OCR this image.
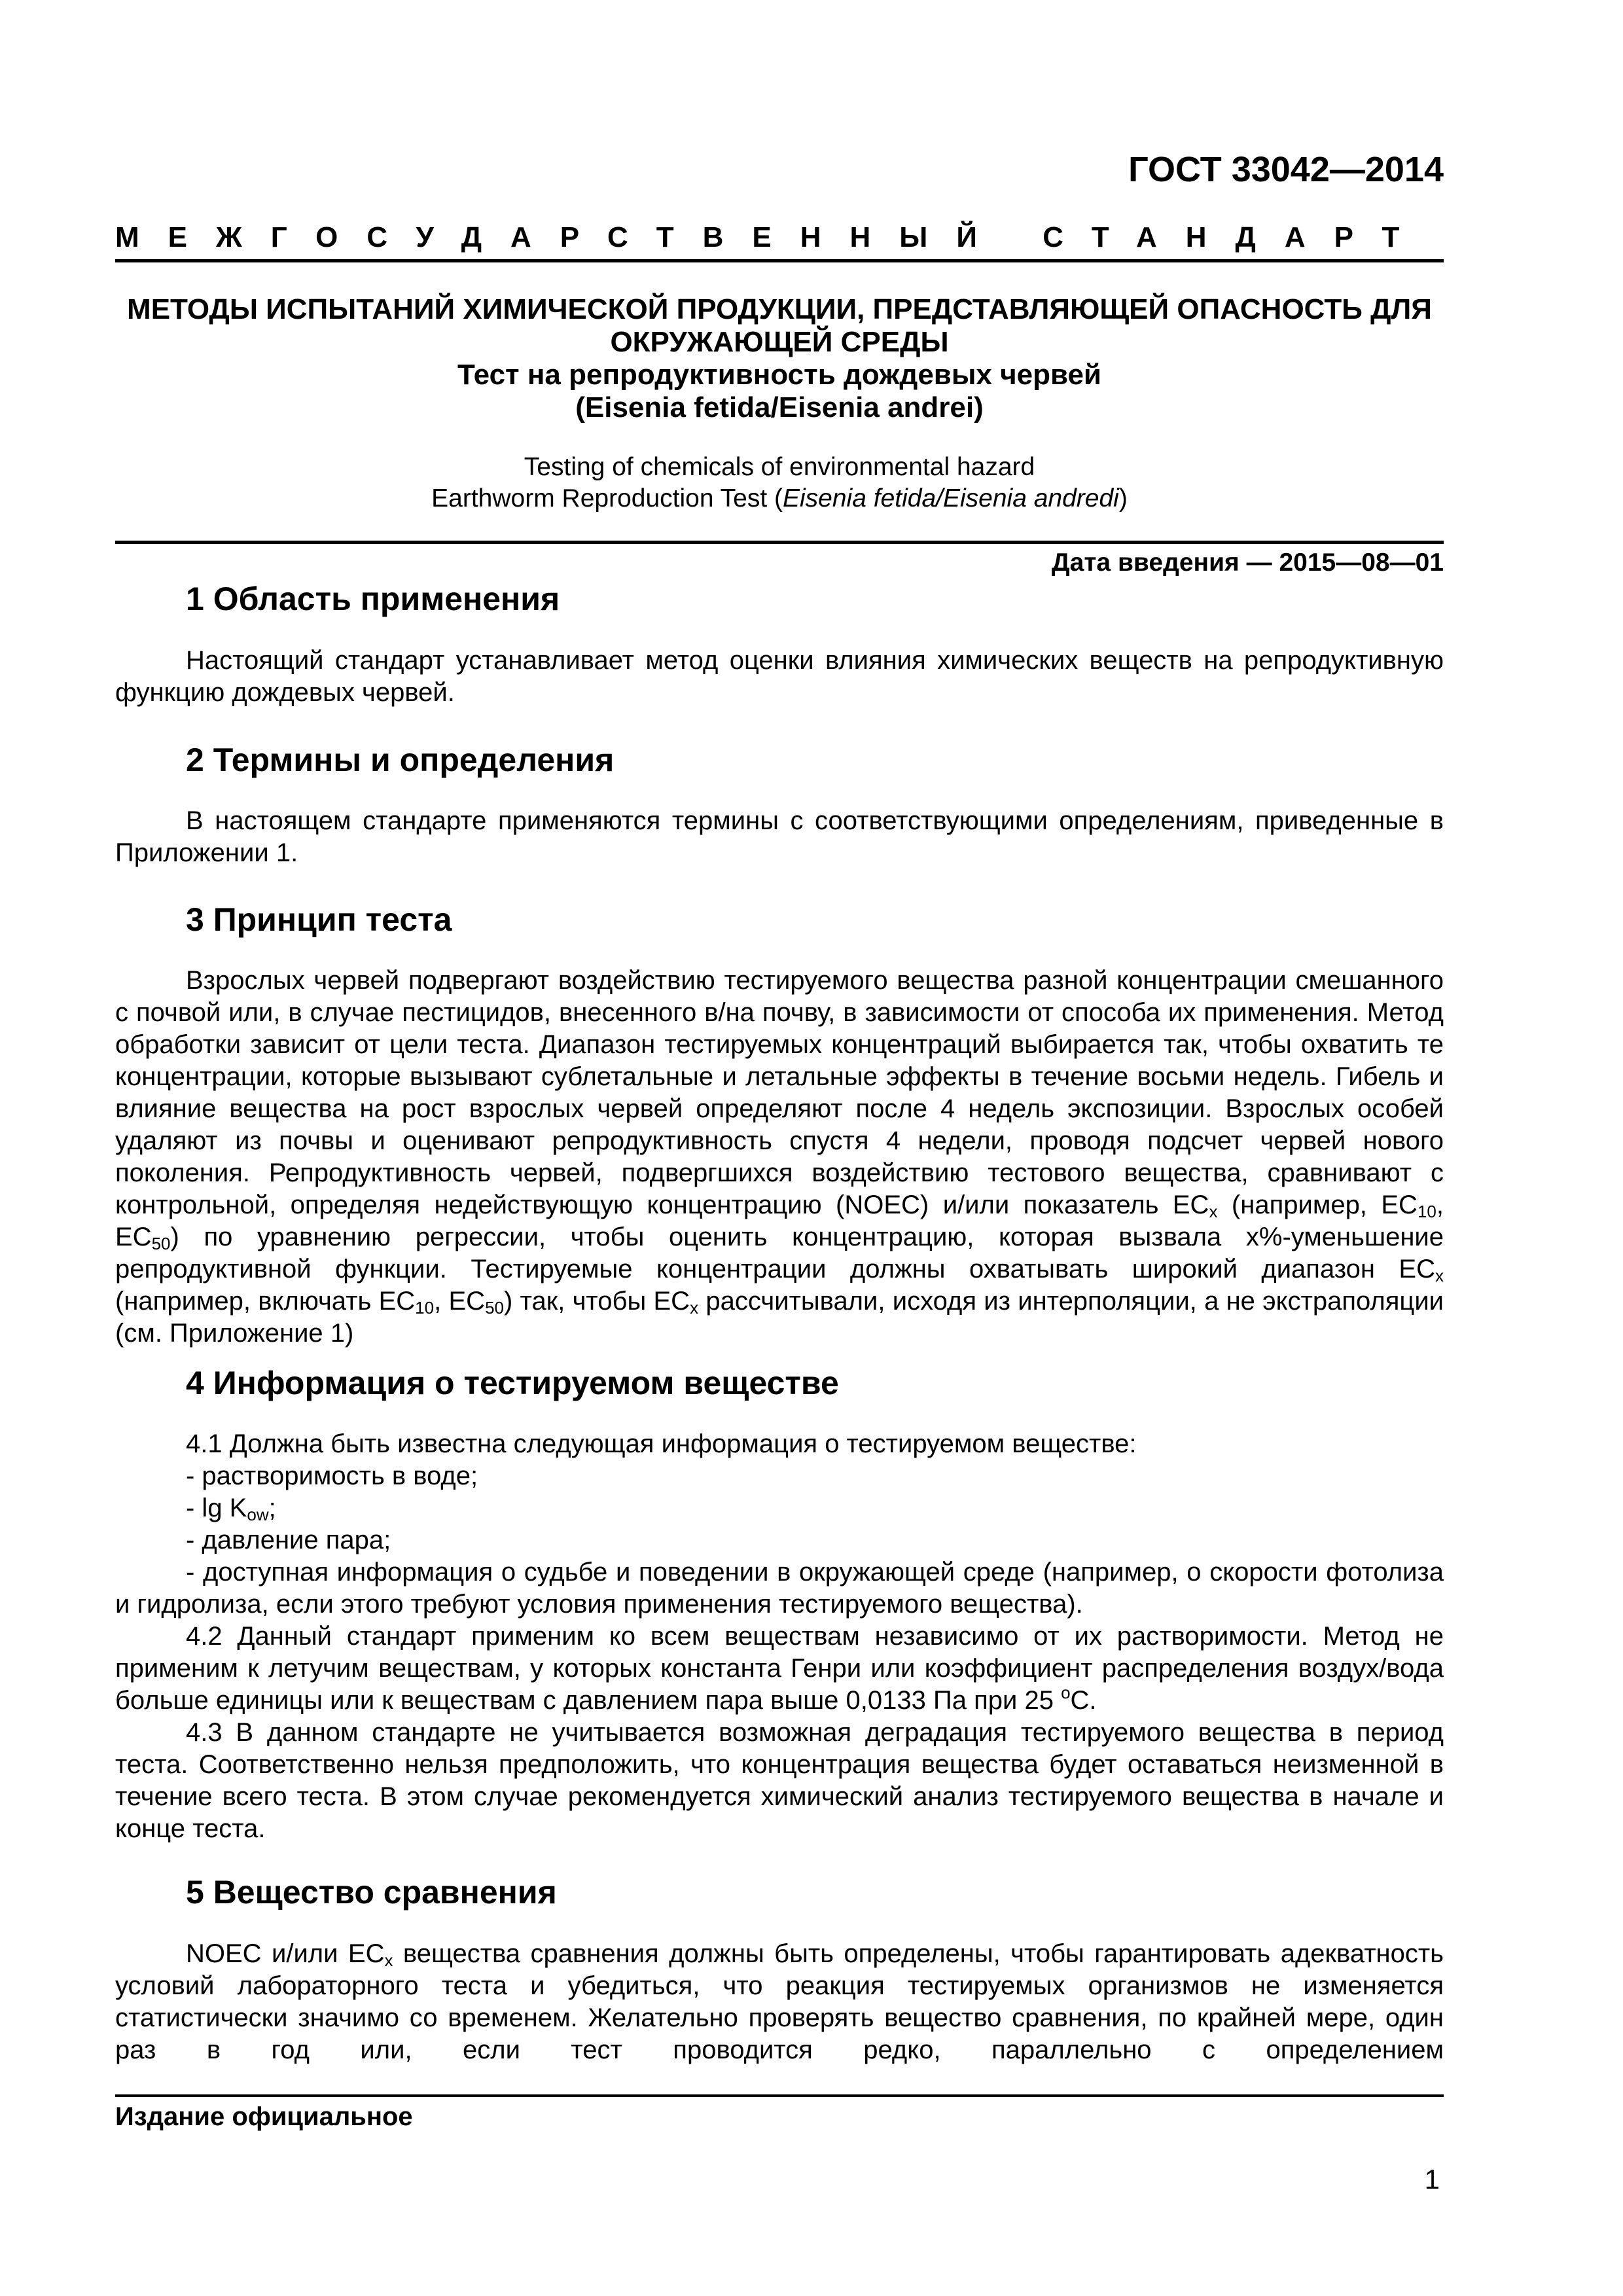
ГОСТ 33042—2014
МЕЖГОСУДАРСТВЕННЫЙ СТАНДАРТ
МЕТОДЫ ИСПЫТАНИЙ ХИМИЧЕСКОЙ ПРОДУКЦИИ, ПРЕДСТАВЛЯЮЩЕЙ ОПАСНОСТЬ ДЛЯ
ОКРУЖАЮЩЕЙ СРЕДЫ
Тест на репродуктивность дождевых червей
(Eisenia fetida/Eisenia andrei)
Testing of chemicals of environmental hazard
Earthworm Reproduction Test (Eisenia fetida/Eisenia andredi)
Дата введения — 2015—08—01
1 Область применения
Настоящий стандарт устанавливает метод оценки влияния химических веществ на репродуктивную функцию дождевых червей.
2 Термины и определения
В настоящем стандарте применяются термины с соответствующими определениям, приведенные в Приложении 1.
3 Принцип теста
Взрослых червей подвергают воздействию тестируемого вещества разной концентрации смешанного с почвой или, в случае пестицидов, внесенного в/на почву, в зависимости от способа их применения. Метод обработки зависит от цели теста. Диапазон тестируемых концентраций выбирается так, чтобы охватить те концентрации, которые вызывают сублетальные и летальные эффекты в течение восьми недель. Гибель и влияние вещества на рост взрослых червей определяют после 4 недель экспозиции. Взрослых особей удаляют из почвы и оценивают репродуктивность спустя 4 недели, проводя подсчет червей нового поколения. Репродуктивность червей, подвергшихся воздействию тестового вещества, сравнивают с контрольной, определяя недействующую концентрацию (NOEC) и/или показатель $EC_x$ (например, $EC_{10}$, $EC_{50}$) по уравнению регрессии, чтобы оценить концентрацию, которая вызвала x%-уменьшение репродуктивной функции. Тестируемые концентрации должны охватывать широкий диапазон $EC_x$ (например, включать $EC_{10}$, $EC_{50}$) так, чтобы $EC_x$ рассчитывали, исходя из интерполяции, а не экстраполяции (см. Приложение 1)
4 Информация о тестируемом веществе
4.1 Должна быть известна следующая информация о тестируемом веществе:
- растворимость в воде;
- $\lg K_{ow}$;
- давление пара;
- доступная информация о судьбе и поведении в окружающей среде (например, о скорости фотолиза и гидролиза, если этого требуют условия применения тестируемого вещества).
4.2 Данный стандарт применим ко всем веществам независимо от их растворимости. Метод не применим к летучим веществам, у которых константа Генри или коэффициент распределения воздух/вода больше единицы или к веществам с давлением пара выше 0,0133 Па при 25 $^o$C.
4.3 В данном стандарте не учитывается возможная деградация тестируемого вещества в период теста. Соответственно нельзя предположить, что концентрация вещества будет оставаться неизменной в течение всего теста. В этом случае рекомендуется химический анализ тестируемого вещества в начале и конце теста.
5 Вещество сравнения
NOEC и/или $EC_x$ вещества сравнения должны быть определены, чтобы гарантировать адекватность условий лабораторного теста и убедиться, что реакция тестируемых организмов не изменяется статистически значимо со временем. Желательно проверять вещество сравнения, по крайней мере, один раз в год или, если тест проводится редко, параллельно с определением
Издание официальное
1
